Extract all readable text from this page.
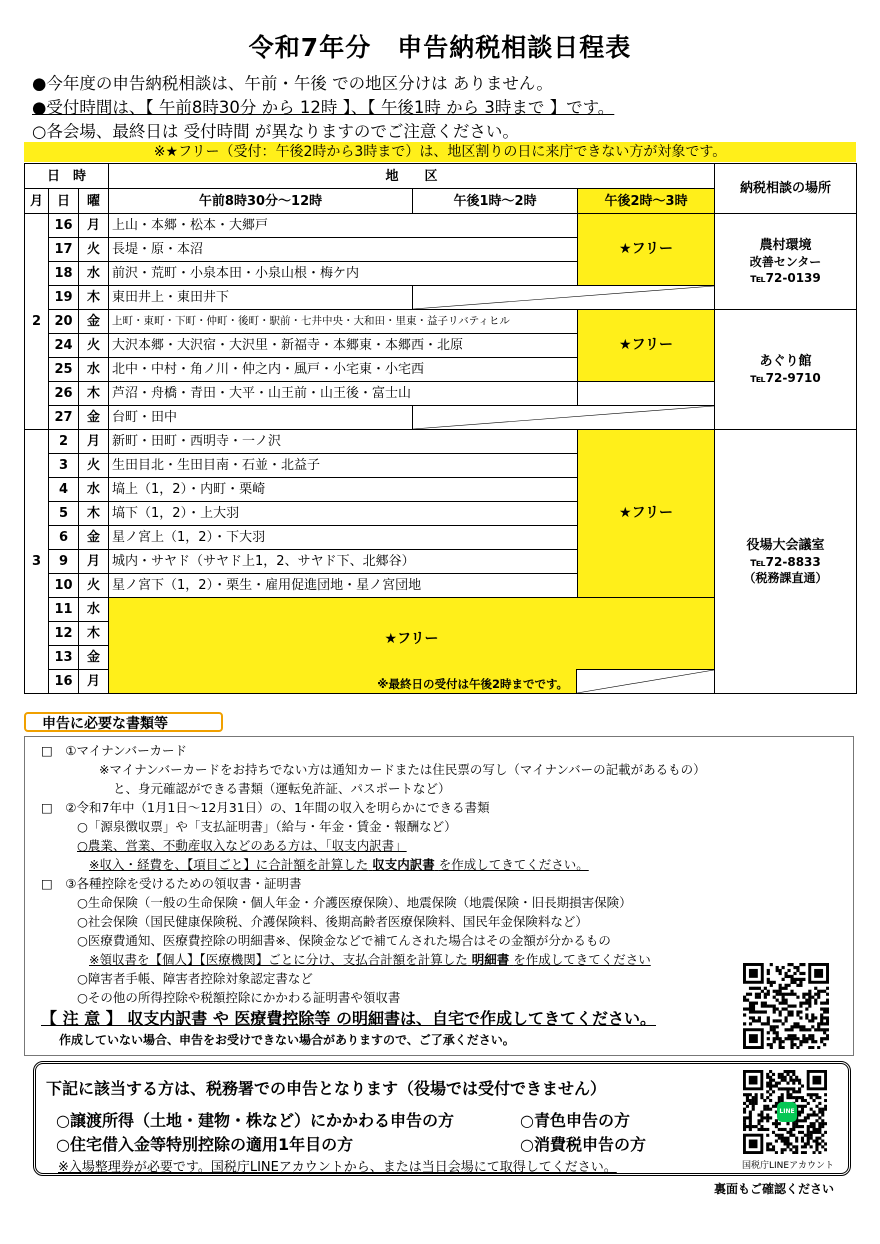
令和7年分　申告納税相談日程表
●今年度の申告納税相談は、午前・午後 での地区分けは ありません。
●受付時間は、【 午前8時30分 から 12時 】、【 午後1時 から 3時まで 】です。
○各会場、最終日は 受付時間 が異なりますのでご注意ください。
※★フリー（受付：午後2時から3時まで）は、地区割りの日に来庁できない方が対象です。
日　時			地　　区			納税相談の場所
月	日	曜	午前8時30分～12時	午後1時～2時	午後2時～3時	
2	16	月	上山・本郷・松本・大郷戸		★フリー	農村環境
改善センター
℡72-0139

	17	火	長堤・原・本沼			
	18	水	前沢・荒町・小泉本田・小泉山根・梅ケ内			
	19	木	東田井上・東田井下	

	20	金	上町・東町・下町・仲町・後町・駅前・七井中央・大和田・里東・益子リバティヒル		★フリー	あぐり館
℡72-9710

	24	火	大沢本郷・大沢宿・大沢里・新福寺・本郷東・本郷西・北原			
	25	水	北中・中村・角ノ川・仲之内・風戸・小宅東・小宅西			
	26	木	芦沼・舟橋・青田・大平・山王前・山王後・富士山			
	27	金	台町・田中	

3	2	月	新町・田町・西明寺・一ノ沢		★フリー	役場大会議室
℡72-8833
（税務課直通）

	3	火	生田目北・生田目南・石並・北益子			
	4	水	塙上（1，2）・内町・栗崎			
	5	木	塙下（1，2）・上大羽			
	6	金	星ノ宮上（1，2）・下大羽			
	9	月	城内・サヤド（サヤド上1，2、サヤド下、北郷谷）			
	10	火	星ノ宮下（1，2）・栗生・雇用促進団地・星ノ宮団地			
	11	水	★フリー
※最終日の受付は午後2時までです。			

	12	木				
	13	金				
	16	月				
申告に必要な書類等
□　①マイナンバーカード
※マイナンバーカードをお持ちでない方は通知カードまたは住民票の写し（マイナンバーの記載があるもの）
と、身元確認ができる書類（運転免許証、パスポートなど）
□　②令和7年中（1月1日～12月31日）の、1年間の収入を明らかにできる書類
○「源泉徴収票」や「支払証明書」（給与・年金・賃金・報酬など）
○農業、営業、不動産収入などのある方は、「収支内訳書」
※収入・経費を、【項目ごと】に合計額を計算した 収支内訳書 を作成してきてください。
□　③各種控除を受けるための領収書・証明書
○生命保険（一般の生命保険・個人年金・介護医療保険）、地震保険（地震保険・旧長期損害保険）
○社会保険（国民健康保険税、介護保険料、後期高齢者医療保険料、国民年金保険料など）
○医療費通知、医療費控除の明細書※、保険金などで補てんされた場合はその金額が分かるもの
※領収書を【個人】【医療機関】ごとに分け、支払合計額を計算した 明細書 を作成してきてください
○障害者手帳、障害者控除対象認定書など
○その他の所得控除や税額控除にかかわる証明書や領収書
【 注 意 】 収支内訳書 や 医療費控除等 の明細書は、自宅で作成してきてください。
作成していない場合、申告をお受けできない場合がありますので、ご了承ください。
下記に該当する方は、税務署での申告となります（役場では受付できません）
○譲渡所得（土地・建物・株など）にかかわる申告の方	○青色申告の方
○住宅借入金等特別控除の適用1年目の方	○消費税申告の方
※入場整理券が必要です。国税庁LINEアカウントから、または当日会場にて取得してください。
LINE
国税庁LINEアカウント
裏面もご確認ください
